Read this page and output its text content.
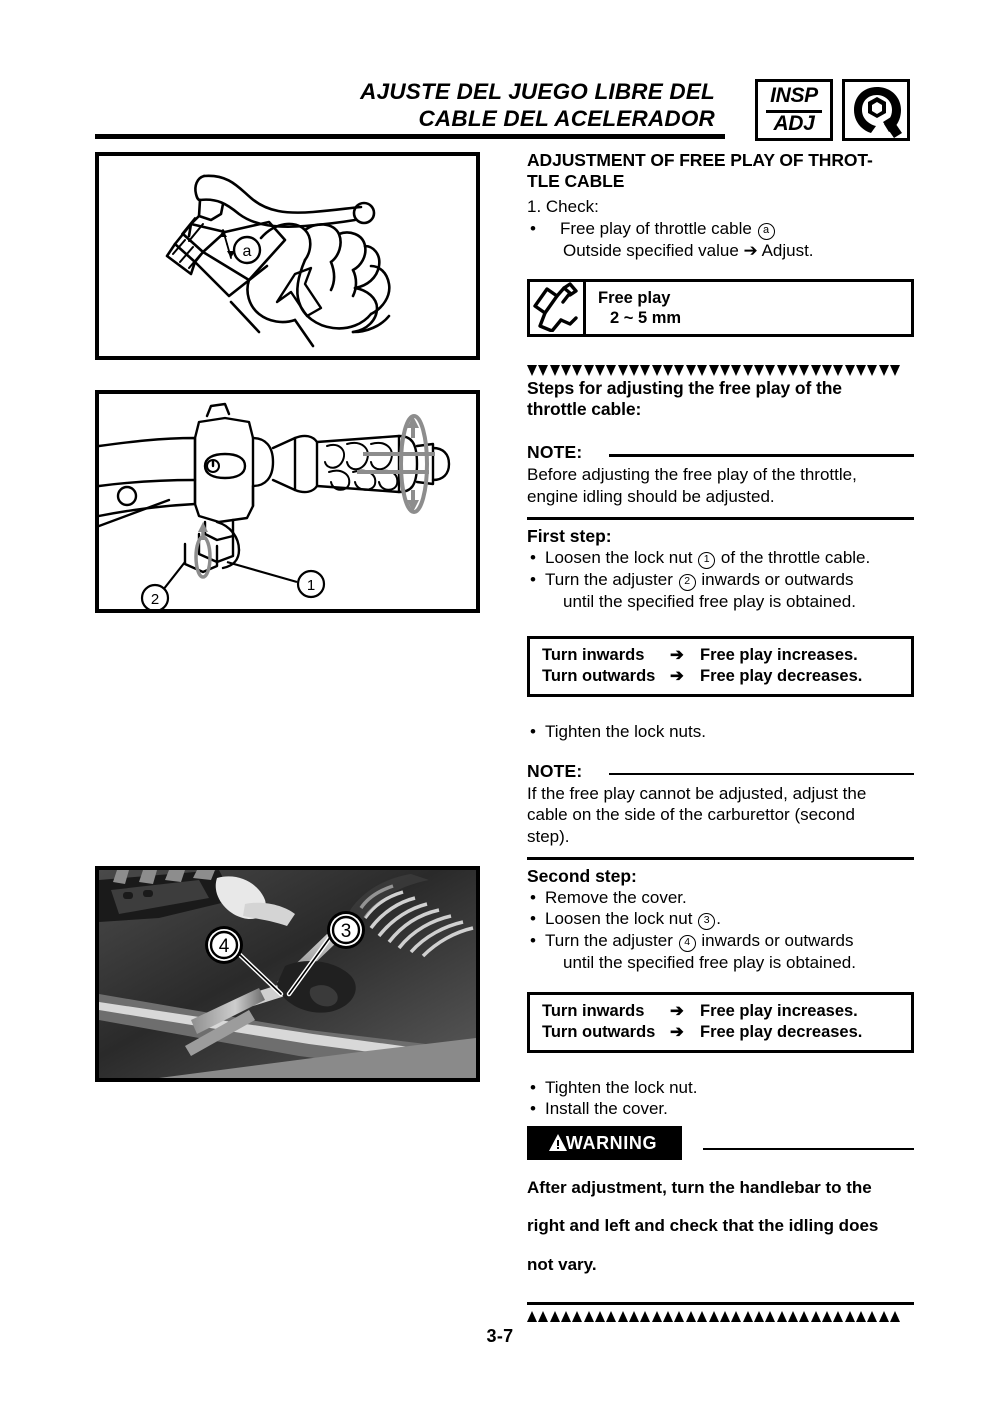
AJUSTE DEL JUEGO LIBRE DEL
CABLE DEL ACELERADOR
INSP
ADJ
a
1
2
4
3
ADJUSTMENT OF FREE PLAY OF THROT-
TLE CABLE

1. Check:

• Free play of throttle cable a

Outside specified value ➔ Adjust.

Free play
2 ~ 5 mm
Steps for adjusting the free play of the
throttle cable:
NOTE:

Before adjusting the free play of the throttle,

engine idling should be adjusted.

First step:

• Loosen the lock nut 1 of the throttle cable.

• Turn the adjuster 2 inwards or outwards

until the specified free play is obtained.

Turn inwards ➔ Free play increases.
Turn outwards ➔ Free play decreases.

• Tighten the lock nuts.

NOTE:

If the free play cannot be adjusted, adjust the

cable on the side of the carburettor (second

step).

Second step:

• Remove the cover.

• Loosen the lock nut 3 .

• Turn the adjuster 4 inwards or outwards

until the specified free play is obtained.

Turn inwards ➔ Free play increases.
Turn outwards ➔ Free play decreases.

• Tighten the lock nut.

• Install the cover.

WARNING

After adjustment, turn the handlebar to the

right and left and check that the idling does

not vary.

3-7
